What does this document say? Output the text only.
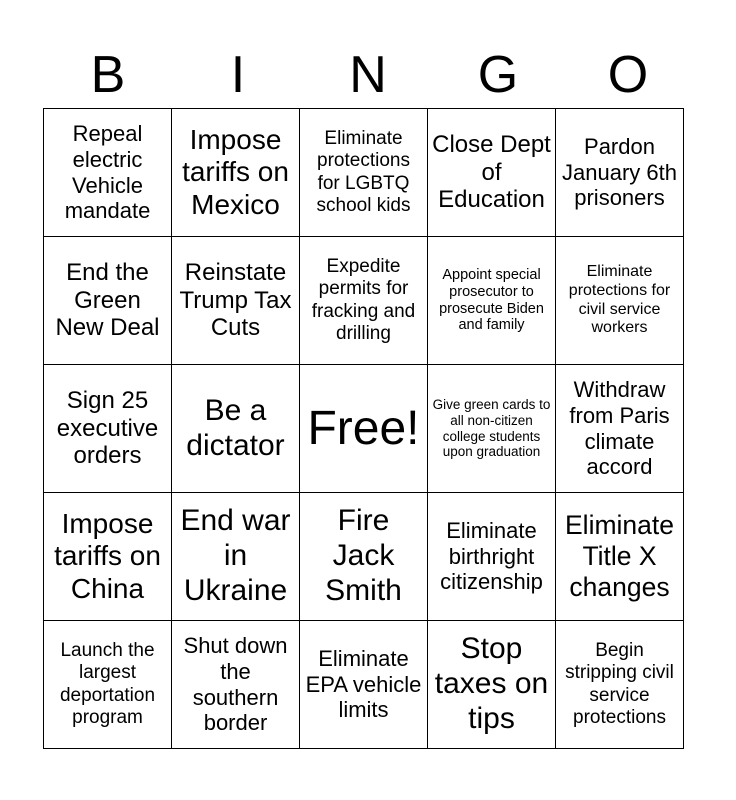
B	I	N	G	O
Repeal electric Vehicle mandate	Impose tariffs on Mexico	Eliminate protections for LGBTQ school kids	Close Dept of Education	Pardon January 6th prisoners
End the Green New Deal	Reinstate Trump Tax Cuts	Expedite permits for fracking and drilling	Appoint special prosecutor to prosecute Biden and family	Eliminate protections for civil service workers
Sign 25 executive orders	Be a dictator	Free!	Give green cards to all non-citizen college students upon graduation	Withdraw from Paris climate accord
Impose tariffs on China	End war in Ukraine	Fire Jack Smith	Eliminate birthright citizenship	Eliminate Title X changes
Launch the largest deportation program	Shut down the southern border	Eliminate EPA vehicle limits	Stop taxes on tips	Begin stripping civil service protections
